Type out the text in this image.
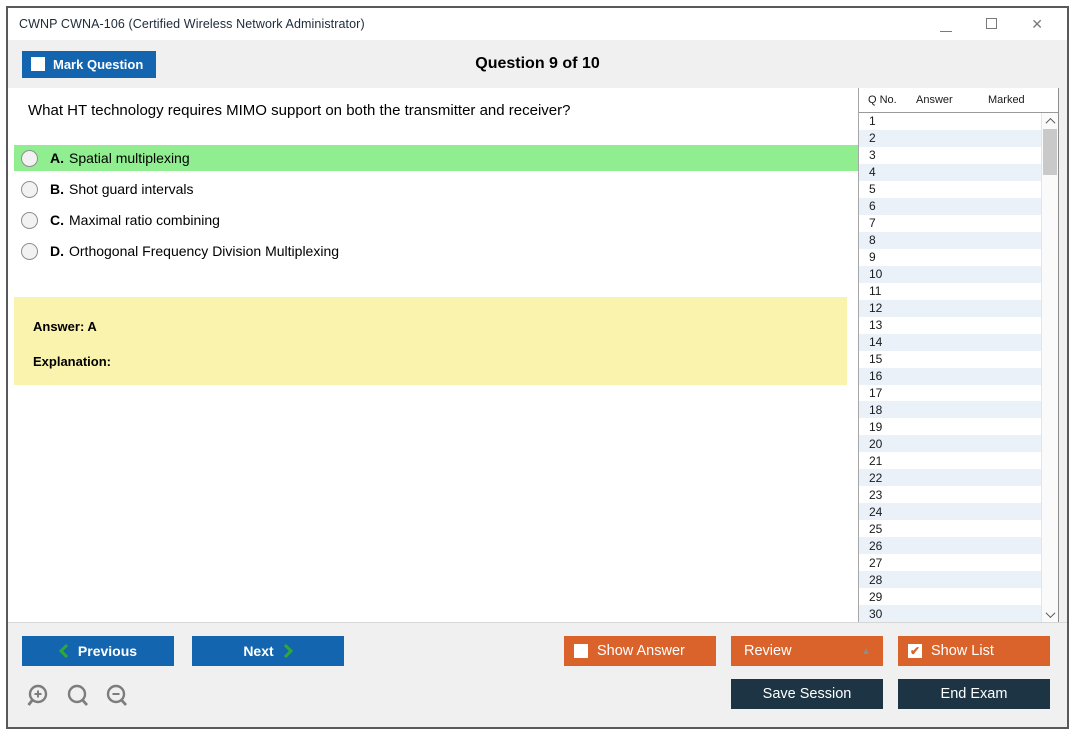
CWNP CWNA-106 (Certified Wireless Network Administrator)	✕
Question 9 of 10
Mark Question
What HT technology requires MIMO support on both the transmitter and receiver?
A. Spatial multiplexing
B. Shot guard intervals
C. Maximal ratio combining
D. Orthogonal Frequency Division Multiplexing
Answer: A
Explanation:
Q No.	Answer	Marked
1
2
3
4
5
6
7
8
9
10
11
12
13
14
15
16
17
18
19
20
21
22
23
24
25
26
27
28
29
30
Previous	Next	Show Answer	Review	▲	✔ Show List
Save Session	End Exam
